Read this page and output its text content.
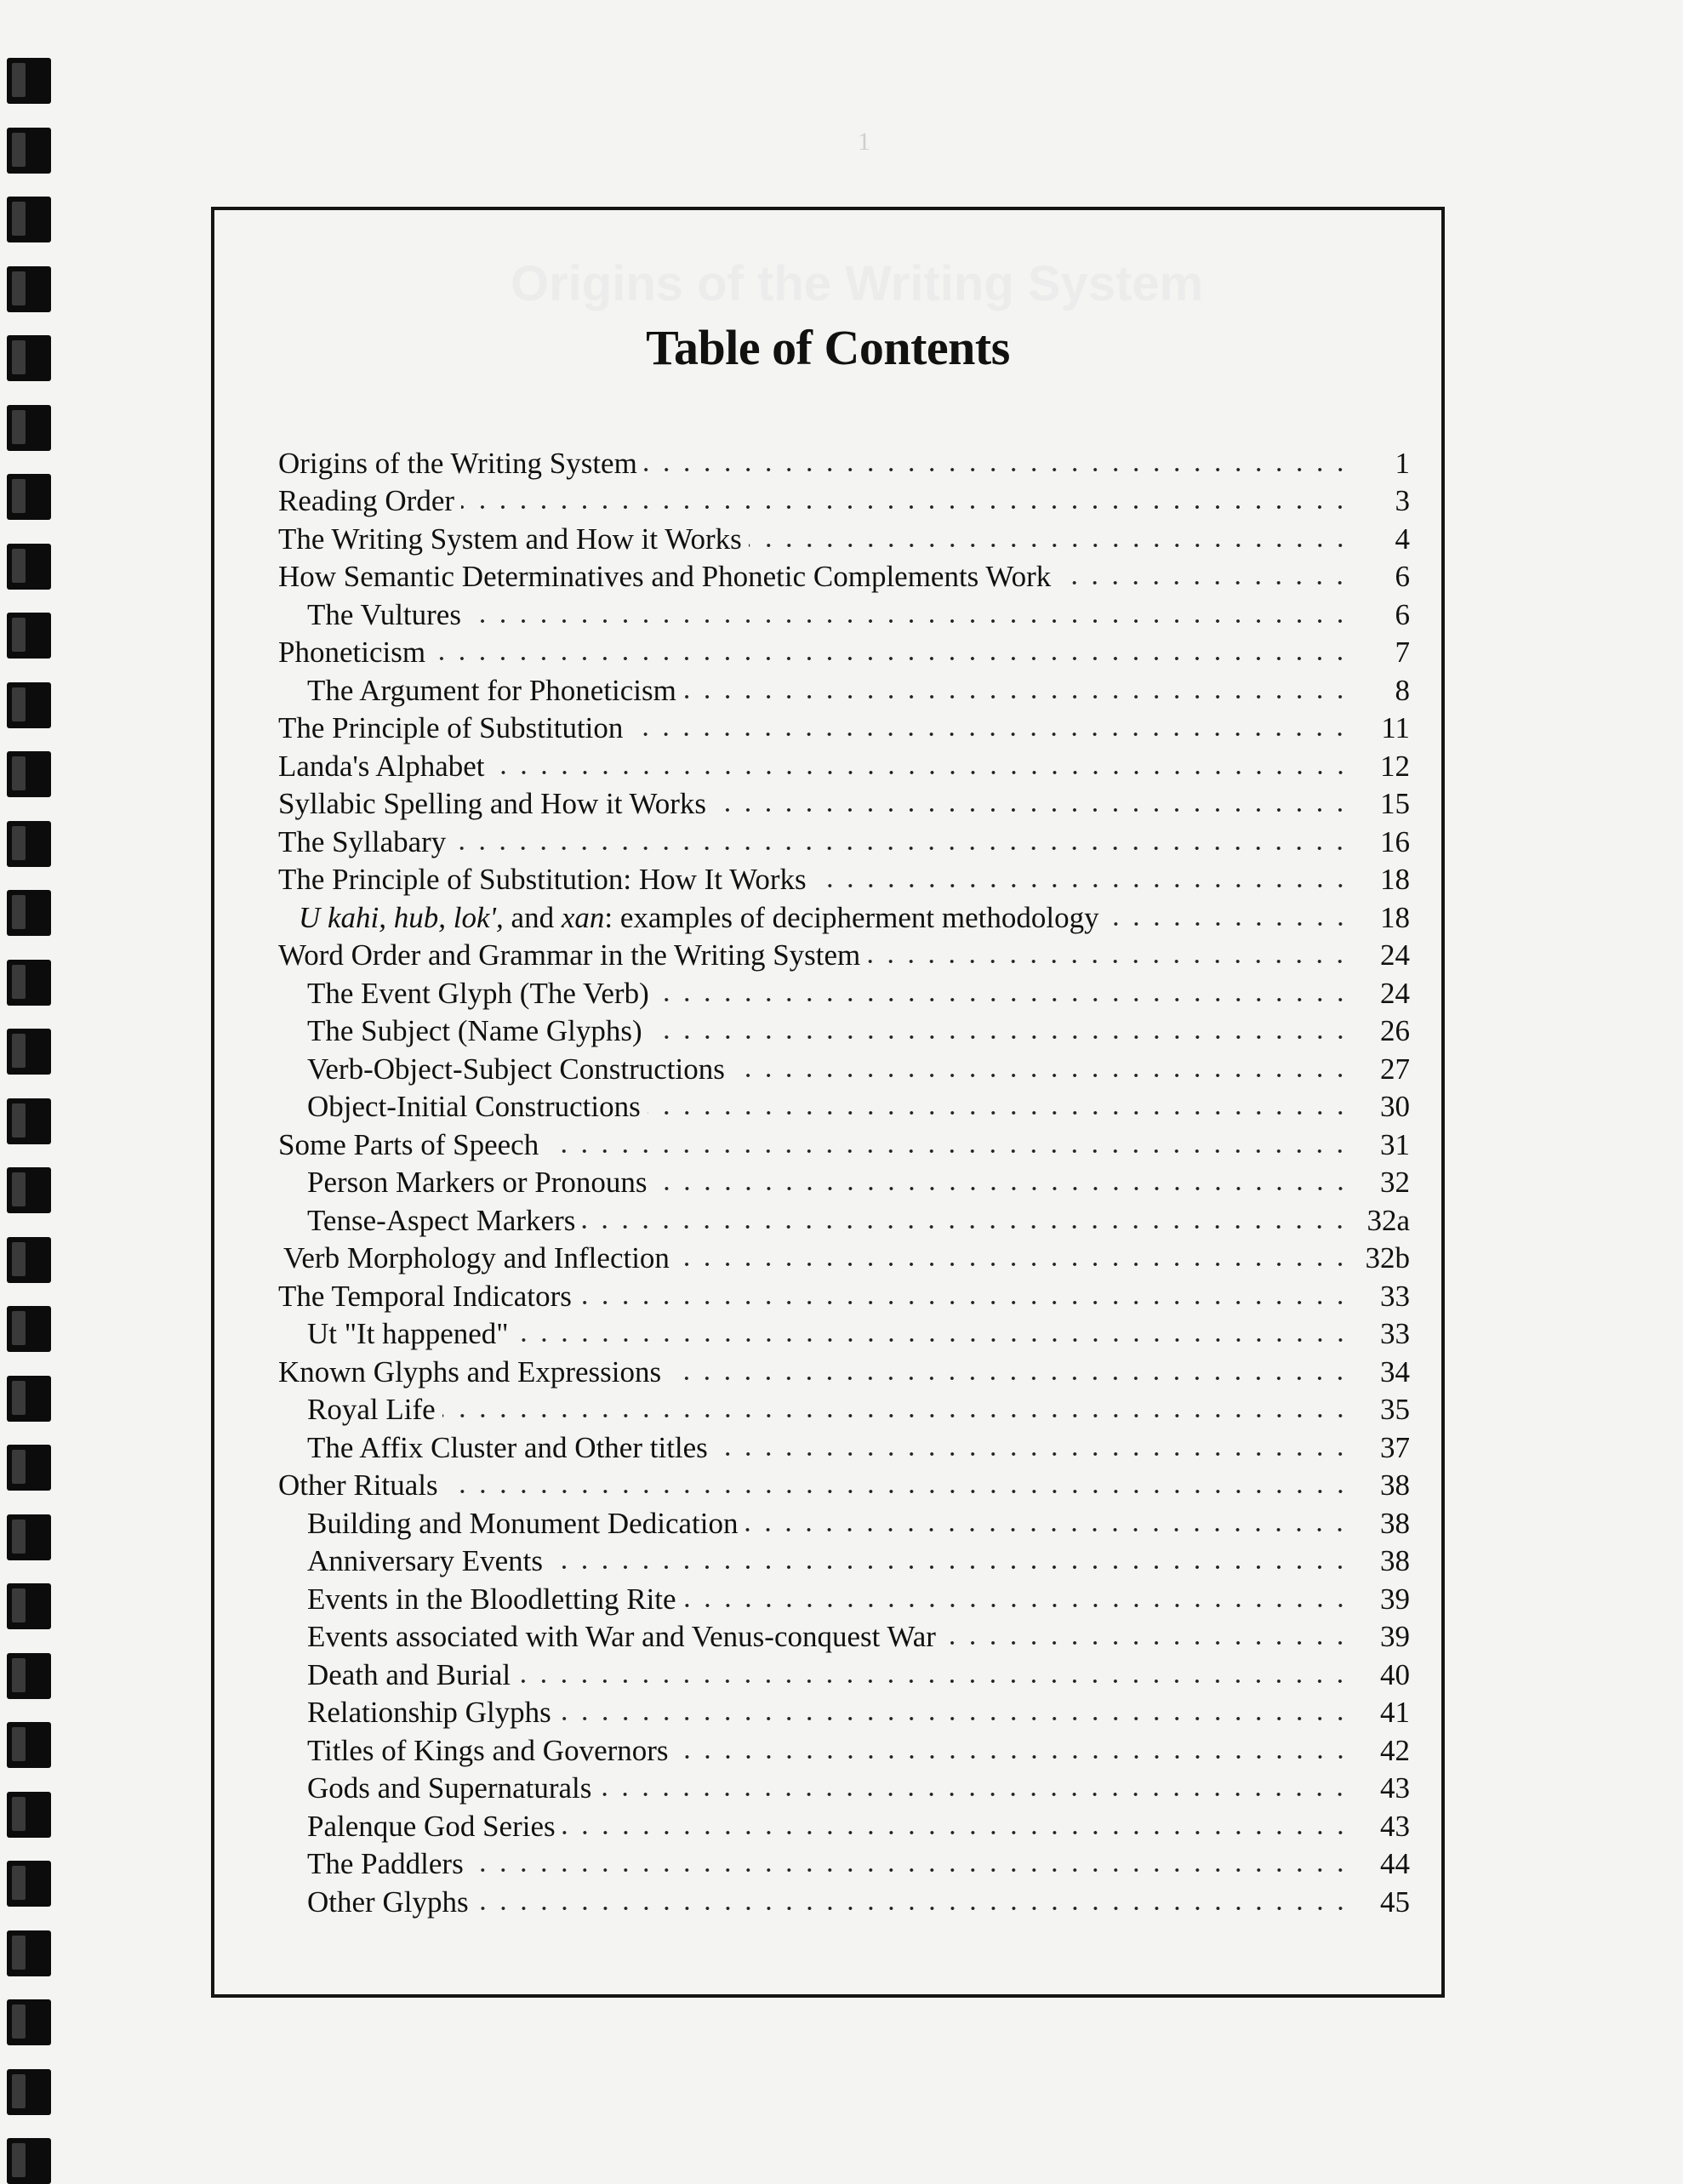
1
Origins of the Writing System
Table of Contents
Origins of the Writing System	1
Reading Order	3
The Writing System and How it Works	4
How Semantic Determinatives and Phonetic Complements Work	6
The Vultures	6
Phoneticism	7
The Argument for Phoneticism	8
The Principle of Substitution	11
Landa's Alphabet	12
Syllabic Spelling and How it Works	15
The Syllabary	16
The Principle of Substitution: How It Works	18
U kahi, hub, lok', and xan: examples of decipherment methodology	18
Word Order and Grammar in the Writing System	24
The Event Glyph (The Verb)	24
The Subject (Name Glyphs)	26
Verb-Object-Subject Constructions	27
Object-Initial Constructions	30
Some Parts of Speech	31
Person Markers or Pronouns	32
Tense-Aspect Markers	32a
Verb Morphology and Inflection	32b
The Temporal Indicators	33
Ut "It happened"	33
Known Glyphs and Expressions	34
Royal Life	35
The Affix Cluster and Other titles	37
Other Rituals	38
Building and Monument Dedication	38
Anniversary Events	38
Events in the Bloodletting Rite	39
Events associated with War and Venus-conquest War	39
Death and Burial	40
Relationship Glyphs	41
Titles of Kings and Governors	42
Gods and Supernaturals	43
Palenque God Series	43
The Paddlers	44
Other Glyphs	45
